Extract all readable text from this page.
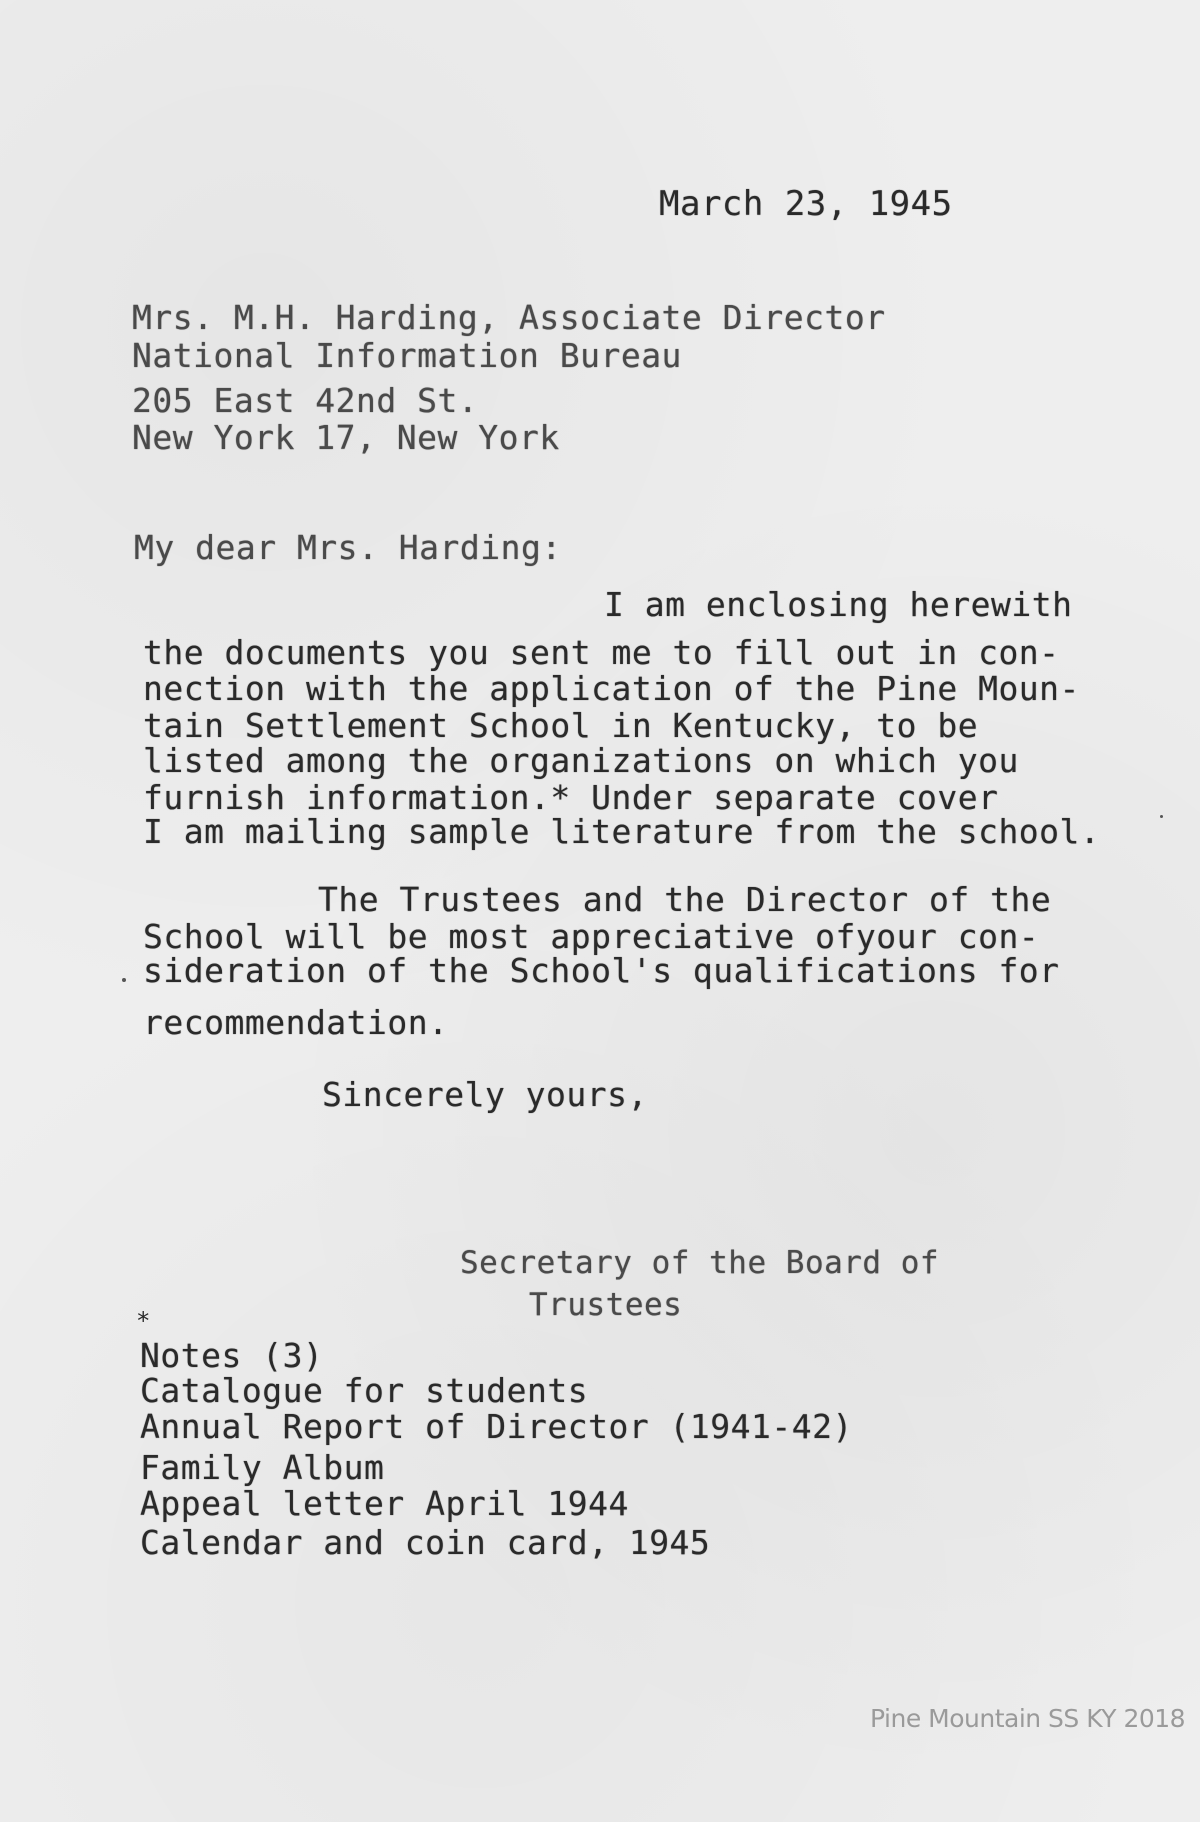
March 23, 1945
Mrs. M.H. Harding, Associate Director
National Information Bureau
205 East 42nd St.
New York 17, New York
My dear Mrs. Harding:
I am enclosing herewith
the documents you sent me to fill out in con-
nection with the application of the Pine Moun-
tain Settlement School in Kentucky, to be
listed among the organizations on which you
furnish information.* Under separate cover
I am mailing sample literature from the school.
The Trustees and the Director of the
School will be most appreciative ofyour con-
sideration of the School's qualifications for
recommendation.
Sincerely yours,
Secretary of the Board of
Trustees
*
Notes (3)
Catalogue for students
Annual Report of Director (1941-42)
Family Album
Appeal letter April 1944
Calendar and coin card, 1945
Pine Mountain SS KY 2018
